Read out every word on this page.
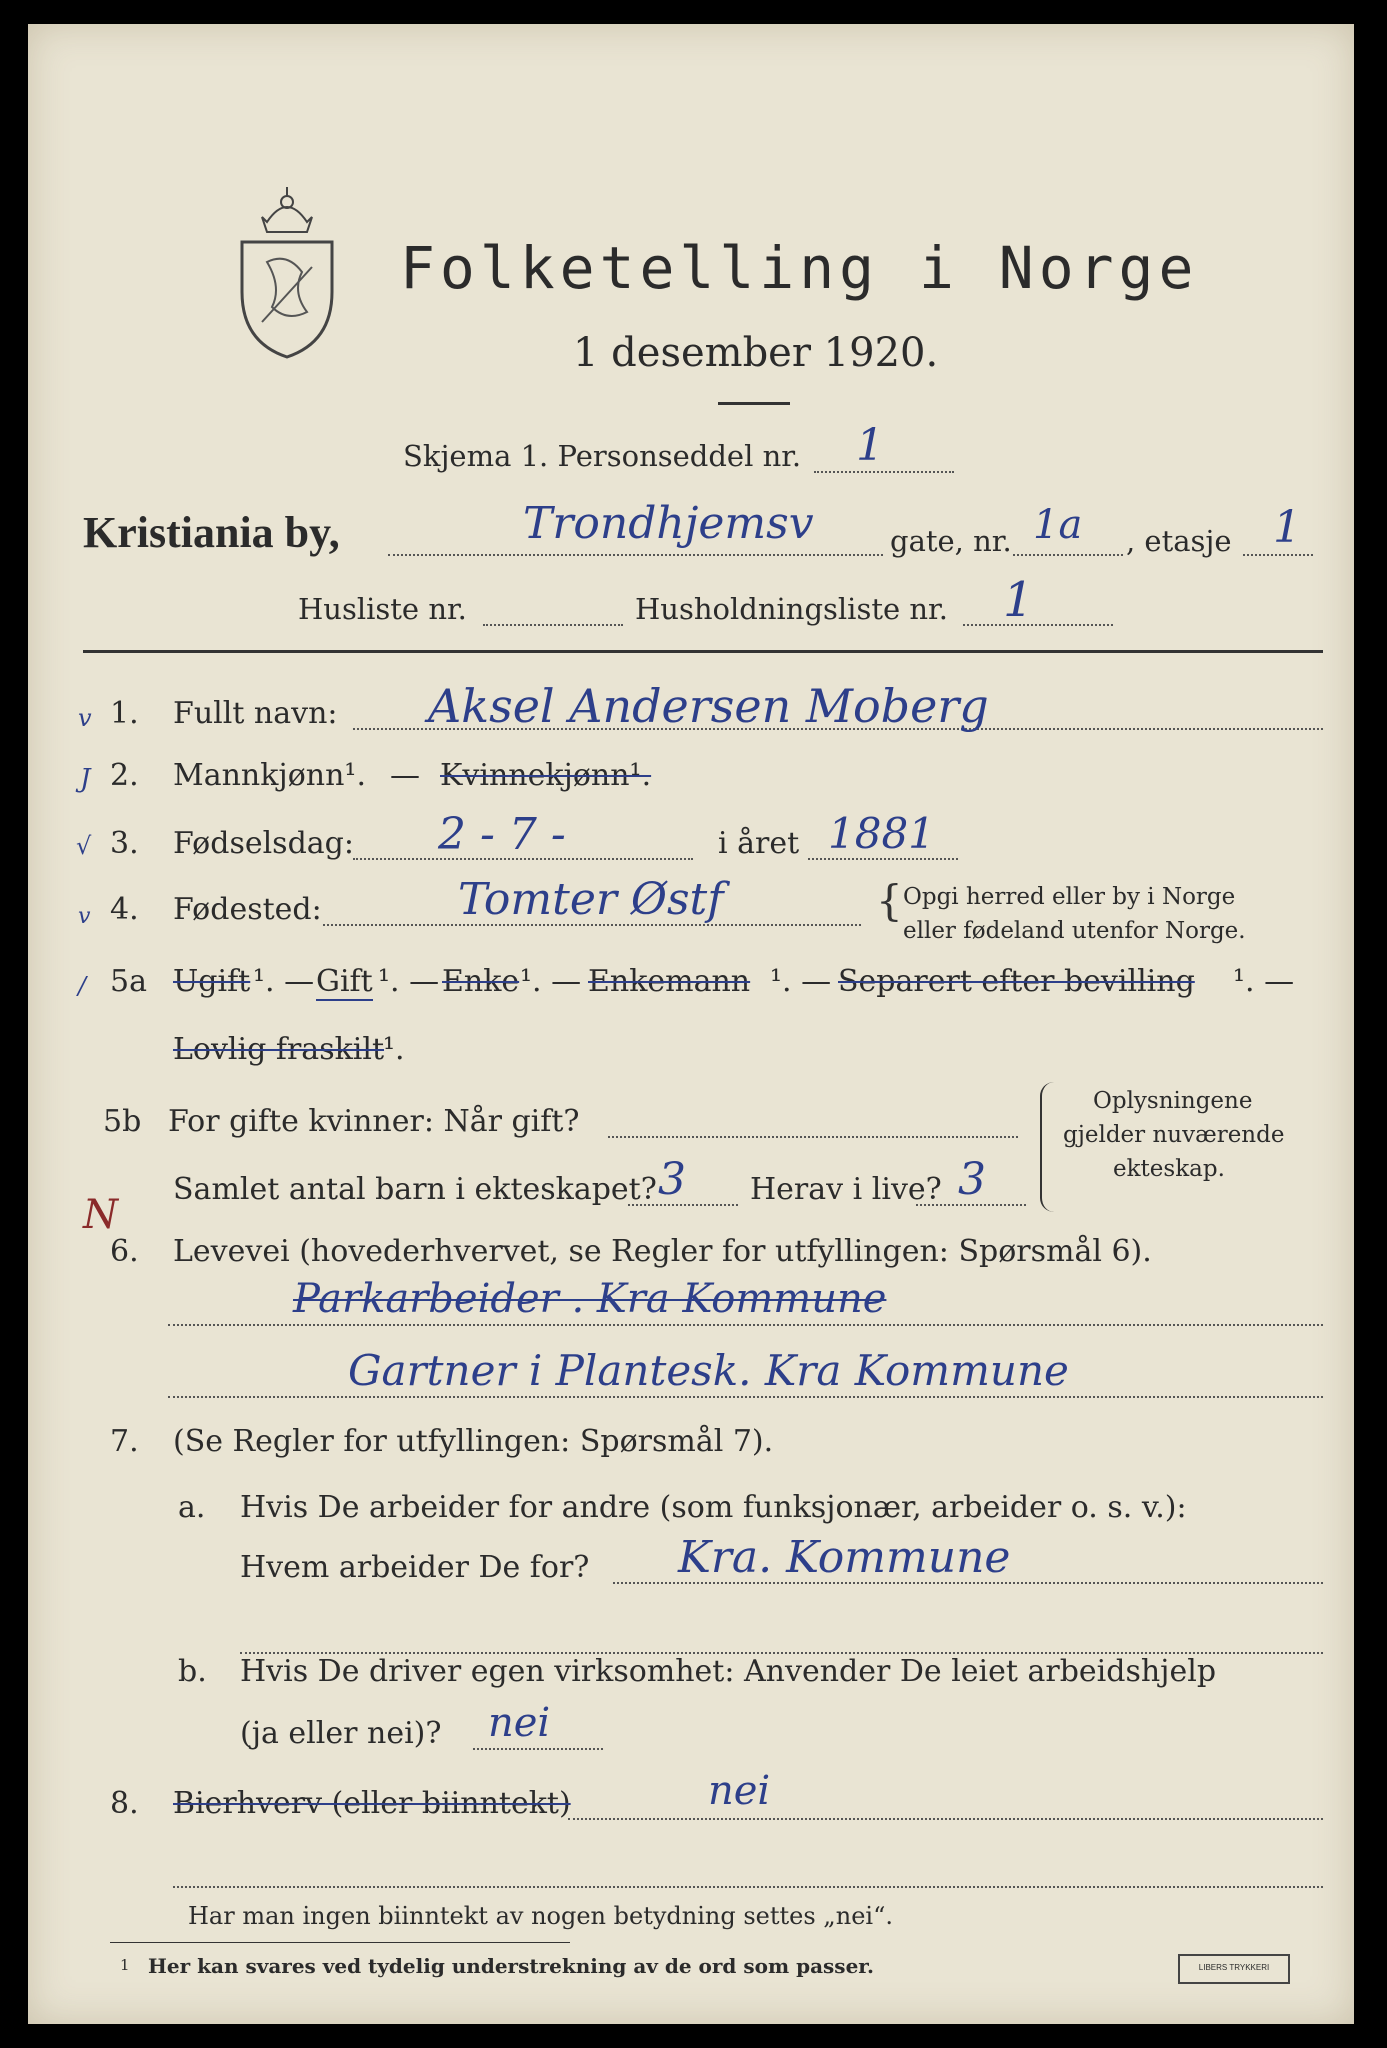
Folketelling i Norge
1 desember 1920.
Skjema 1. Personseddel nr. 1
Kristiania by,	Trondhjemsv	gate, nr. 1a , etasje 1
Husliste nr.	Husholdningsliste nr. 1
v 1. Fullt navn: Aksel Andersen Moberg
J 2. Mannkjønn¹. — Kvinnekjønn¹.
√ 3. Fødselsdag: 2 - 7 -	i året 1881
v 4. Fødested:	Tomter Østf	{ Opgi herred eller by i Norge
eller fødeland utenfor Norge.
/ 5a Ugift ¹. — Gift ¹. — Enke ¹. — Enkemann ¹. — Separert efter bevilling ¹. —
Lovlig fraskilt
¹.
5b For gifte kvinner: Når gift?
Samlet antal barn i ekteskapet? 3 Herav i live? 3
Oplysningene
gjelder nuværende
ekteskap.
N
6. Levevei (hovederhvervet, se Regler for utfyllingen: Spørsmål 6).
Parkarbeider . Kra Kommune
Gartner i Plantesk. Kra Kommune
7. (Se Regler for utfyllingen: Spørsmål 7).
a. Hvis De arbeider for andre (som funksjonær, arbeider o. s. v.):
Hvem arbeider De for? Kra. Kommune
b. Hvis De driver egen virksomhet: Anvender De leiet arbeidshjelp
(ja eller nei)? nei
8. Bierhverv (eller biinntekt)	nei
Har man ingen biinntekt av nogen betydning settes „nei“.
1 Her kan svares ved tydelig understrekning av de ord som passer.	LIBERS TRYKKERI
